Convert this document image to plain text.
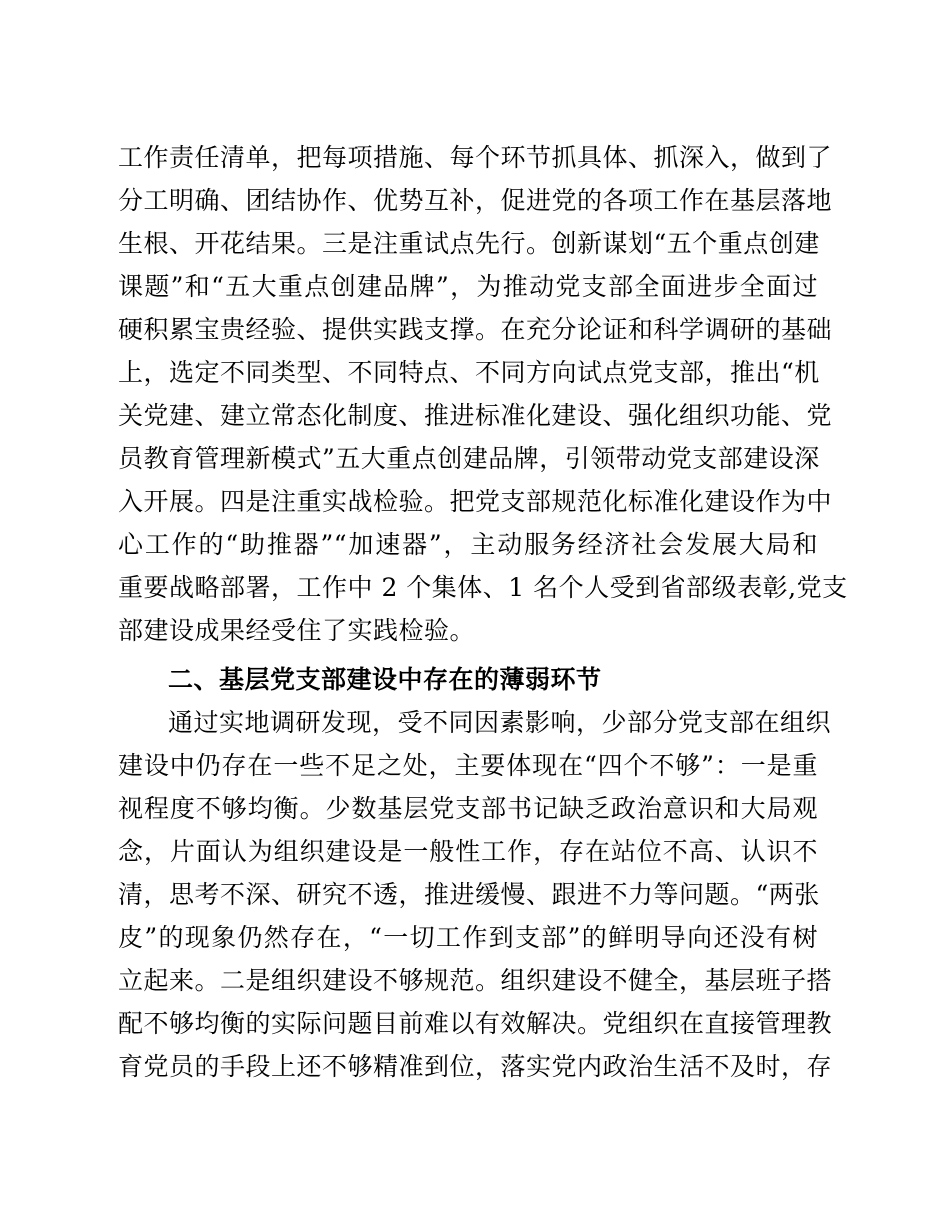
工作责任清单，把每项措施、每个环节抓具体、抓深入，做到了
分工明确、团结协作、优势互补，促进党的各项工作在基层落地
生根、开花结果。三是注重试点先行。创新谋划“五个重点创建
课题”和“五大重点创建品牌”，为推动党支部全面进步全面过
硬积累宝贵经验、提供实践支撑。在充分论证和科学调研的基础
上，选定不同类型、不同特点、不同方向试点党支部，推出“机
关党建、建立常态化制度、推进标准化建设、强化组织功能、党
员教育管理新模式”五大重点创建品牌，引领带动党支部建设深
入开展。四是注重实战检验。把党支部规范化标准化建设作为中
心工作的“助推器”“加速器”，主动服务经济社会发展大局和
重要战略部署，工作中 2 个集体、1 名个人受到省部级表彰,党支
部建设成果经受住了实践检验。
二、基层党支部建设中存在的薄弱环节
通过实地调研发现，受不同因素影响，少部分党支部在组织
建设中仍存在一些不足之处，主要体现在“四个不够”：一是重
视程度不够均衡。少数基层党支部书记缺乏政治意识和大局观
念，片面认为组织建设是一般性工作，存在站位不高、认识不
清，思考不深、研究不透，推进缓慢、跟进不力等问题。“两张
皮”的现象仍然存在，“一切工作到支部”的鲜明导向还没有树
立起来。二是组织建设不够规范。组织建设不健全，基层班子搭
配不够均衡的实际问题目前难以有效解决。党组织在直接管理教
育党员的手段上还不够精准到位，落实党内政治生活不及时，存
